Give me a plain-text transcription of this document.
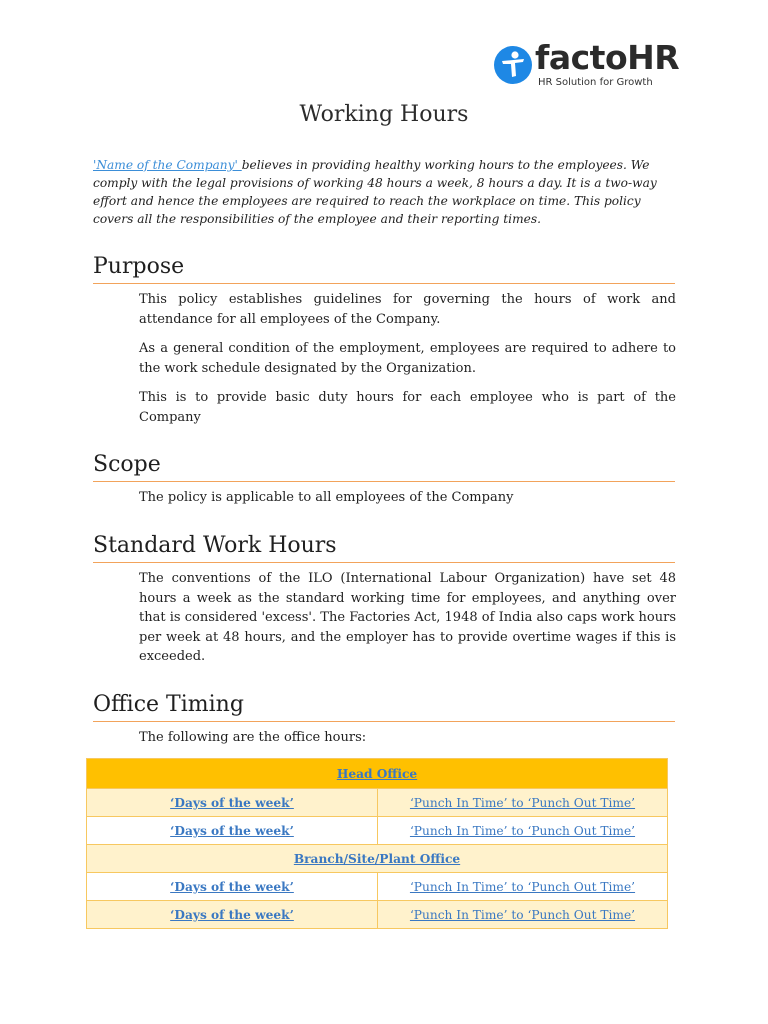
factoHR
HR Solution for Growth
Working Hours

'Name of the Company' believes in providing healthy working hours to the employees. We comply with the legal provisions of working 48 hours a week, 8 hours a day. It is a two-way effort and hence the employees are required to reach the workplace on time. This policy covers all the responsibilities of the employee and their reporting times.

Purpose

This policy establishes guidelines for governing the hours of work and attendance for all employees of the Company.

As a general condition of the employment, employees are required to adhere to the work schedule designated by the Organization.

This is to provide basic duty hours for each employee who is part of the Company

Scope

The policy is applicable to all employees of the Company

Standard Work Hours

The conventions of the ILO (International Labour Organization) have set 48 hours a week as the standard working time for employees, and anything over that is considered 'excess'. The Factories Act, 1948 of India also caps work hours per week at 48 hours, and the employer has to provide overtime wages if this is exceeded.

Office Timing

The following are the office hours:

Head Office	
‘Days of the week’	‘Punch In Time’ to ‘Punch Out Time’
‘Days of the week’	‘Punch In Time’ to ‘Punch Out Time’
Branch/Site/Plant Office	
‘Days of the week’	‘Punch In Time’ to ‘Punch Out Time’
‘Days of the week’	‘Punch In Time’ to ‘Punch Out Time’
